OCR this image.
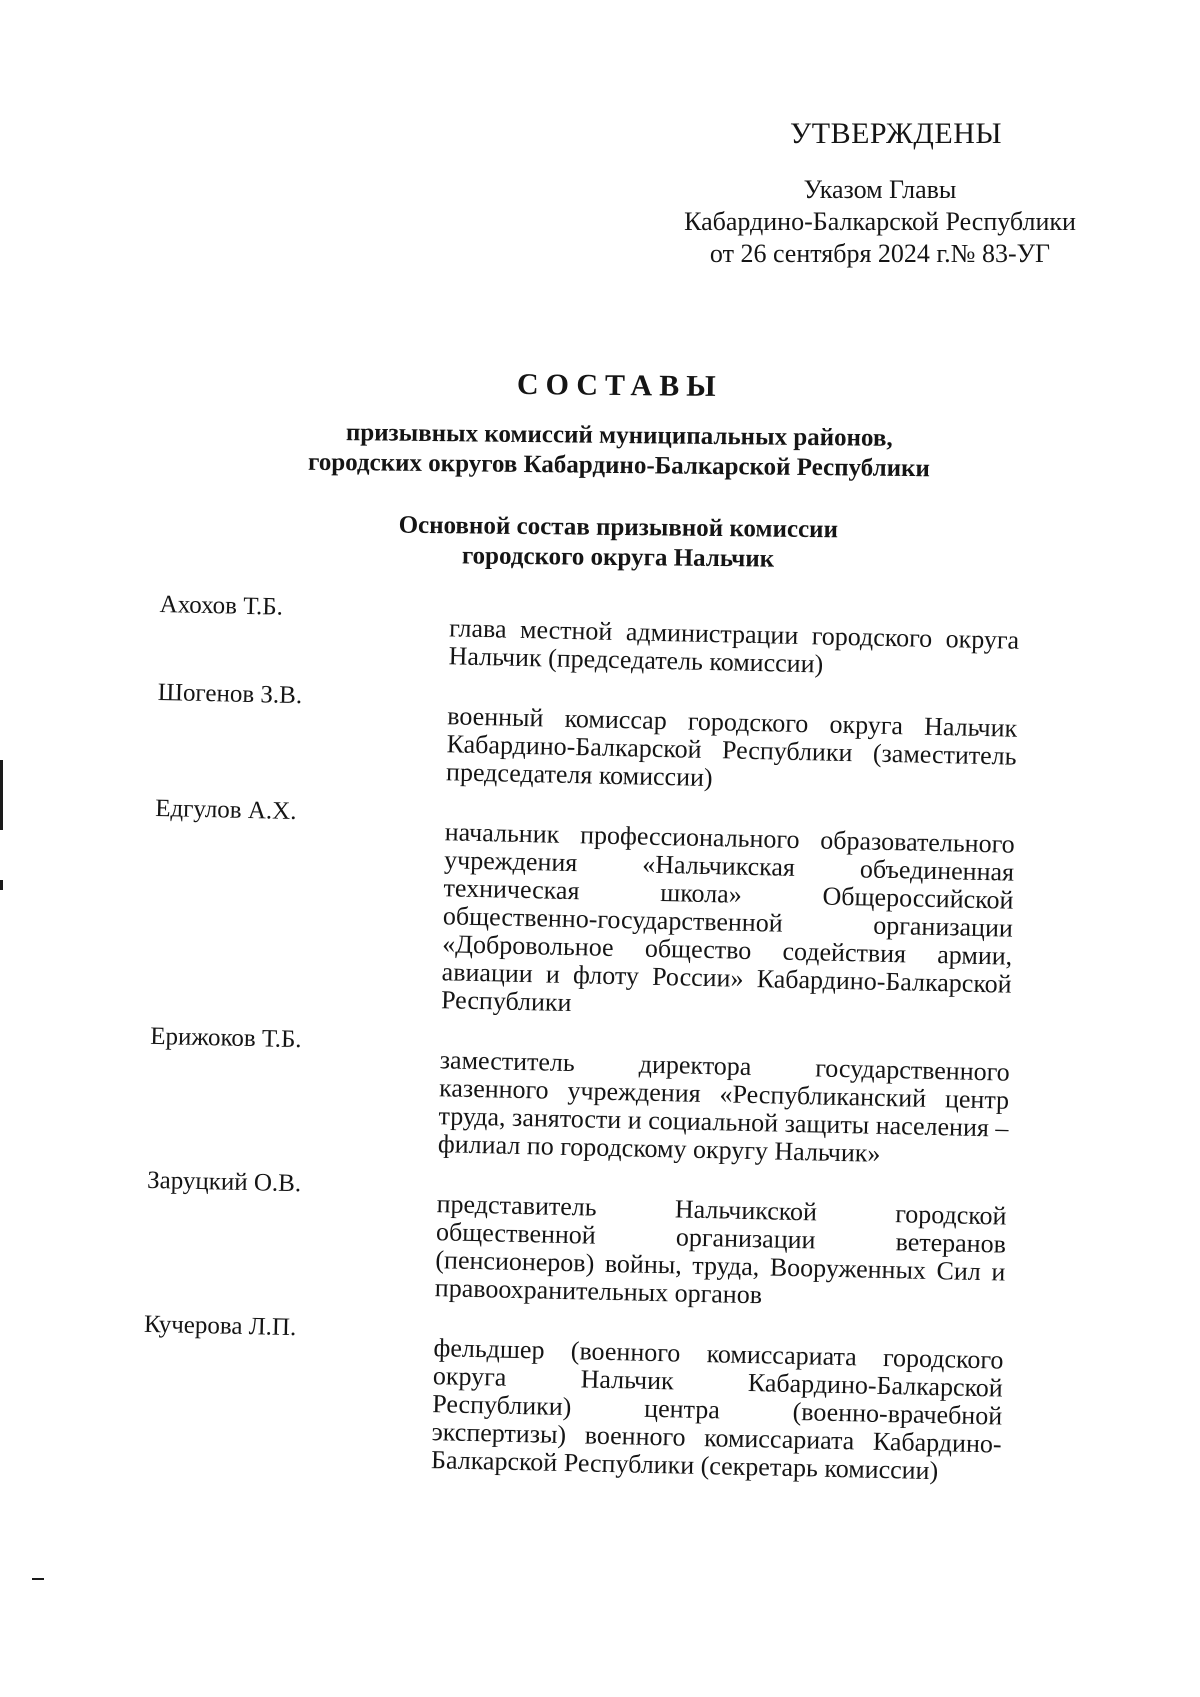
УТВЕРЖДЕНЫ
Указом Главы
Кабардино-Балкарской Республики
от 26 сентября 2024 г.№ 83-УГ
СОСТАВЫ
призывных комиссий муниципальных районов,
городских округов Кабардино-Балкарской Республики
Основной состав призывной комиссии
городского округа Нальчик
Ахохов Т.Б.
глава местной администрации городского округа Нальчик (председатель комиссии)
Шогенов З.В.
военный комиссар городского округа Нальчик Кабардино-Балкарской Республики (заместитель председателя комиссии)
Едгулов А.Х.
начальник профессионального образовательного учреждения «Нальчикская объединенная техническая школа» Общероссийской общественно-государственной организации «Добровольное общество содействия армии, авиации и флоту России» Кабардино-Балкарской Республики
Ерижоков Т.Б.
заместитель директора государственного казенного учреждения «Республиканский центр труда, занятости и социальной защиты населения – филиал по городскому округу Нальчик»
Заруцкий О.В.
представитель Нальчикской городской общественной организации ветеранов (пенсионеров) войны, труда, Вооруженных Сил и правоохранительных органов
Кучерова Л.П.
фельдшер (военного комиссариата городского округа Нальчик Кабардино-Балкарской Республики) центра (военно-врачебной экспертизы) военного комиссариата Кабардино-Балкарской Республики (секретарь комиссии)
